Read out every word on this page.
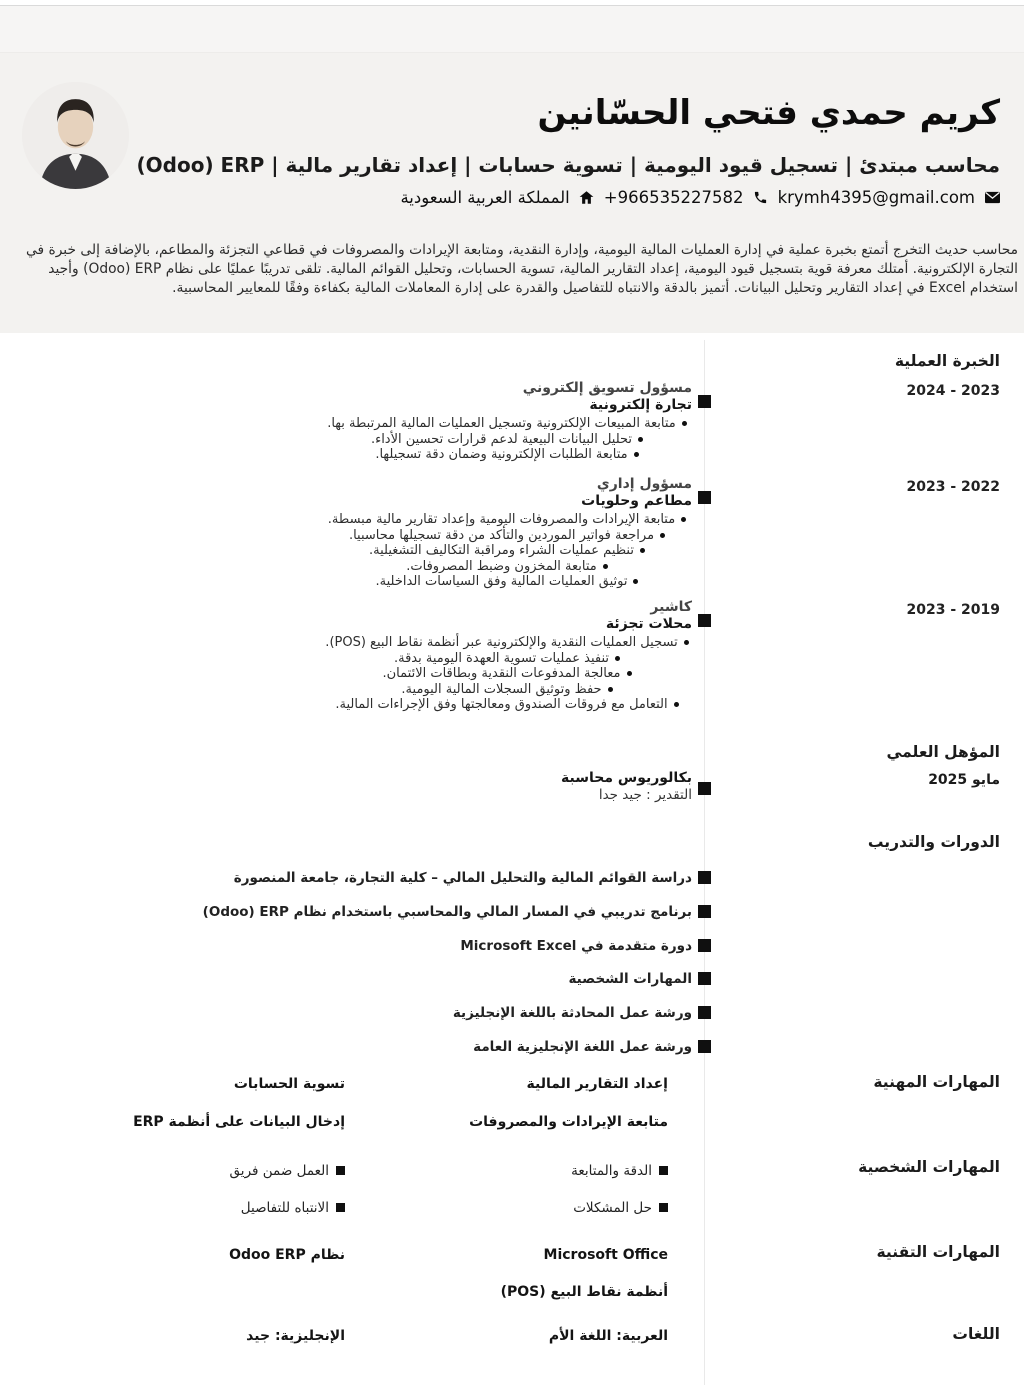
كريم حمدي فتحي الحسّانين
محاسب مبتدئ | تسجيل قيود اليومية | تسوية حسابات | إعداد تقارير مالية | ‎(Odoo) ERP
krymh4395@gmail.com
+966535227582
المملكة العربية السعودية
محاسب حديث التخرج أتمتع بخبرة عملية في إدارة العمليات المالية اليومية، وإدارة النقدية، ومتابعة الإيرادات والمصروفات في قطاعي التجزئة والمطاعم، بالإضافة إلى خبرة في التجارة الإلكترونية. أمتلك معرفة قوية بتسجيل قيود اليومية، إعداد التقارير المالية، تسوية الحسابات، وتحليل القوائم المالية. تلقى تدريبًا عمليًا على نظام ‎(Odoo) ERP وأجيد استخدام Excel في إعداد التقارير وتحليل البيانات. أتميز بالدقة والانتباه للتفاصيل والقدرة على إدارة المعاملات المالية بكفاءة وفقًا للمعايير المحاسبية.
الخبرة العملية
2024 - 2023
2023 - 2022
2023 - 2019
المؤهل العلمي
مايو 2025
الدورات والتدريب
المهارات المهنية
المهارات الشخصية
المهارات التقنية
اللغات
مسؤول تسويق إلكتروني
تجارة إلكترونية
متابعة المبيعات الإلكترونية وتسجيل العمليات المالية المرتبطة بها.
تحليل البيانات البيعية لدعم قرارات تحسين الأداء.
متابعة الطلبات الإلكترونية وضمان دقة تسجيلها.
مسؤول إداري
مطاعم وحلويات
متابعة الإيرادات والمصروفات اليومية وإعداد تقارير مالية مبسطة.
مراجعة فواتير الموردين والتأكد من دقة تسجيلها محاسبيا.
تنظيم عمليات الشراء ومراقبة التكاليف التشغيلية.
متابعة المخزون وضبط المصروفات.
توثيق العمليات المالية وفق السياسات الداخلية.
كاشير
محلات تجزئة
تسجيل العمليات النقدية والإلكترونية عبر أنظمة نقاط البيع ‎(POS).
تنفيذ عمليات تسوية العهدة اليومية بدقة.
معالجة المدفوعات النقدية وبطاقات الائتمان.
حفظ وتوثيق السجلات المالية اليومية.
التعامل مع فروقات الصندوق ومعالجتها وفق الإجراءات المالية.
بكالوريوس محاسبة
التقدير : جيد جدا
دراسة القوائم المالية والتحليل المالي – كلية التجارة، جامعة المنصورة
برنامج تدريبي في المسار المالي والمحاسبي باستخدام نظام ‎(Odoo) ERP
دورة متقدمة في Microsoft Excel
المهارات الشخصية
ورشة عمل المحادثة باللغة الإنجليزية
ورشة عمل اللغة الإنجليزية العامة
إعداد التقارير المالية
تسوية الحسابات
متابعة الإيرادات والمصروفات
إدخال البيانات على أنظمة ERP
الدقة والمتابعة
العمل ضمن فريق
حل المشكلات
الانتباه للتفاصيل
Microsoft Office
نظام Odoo ERP
أنظمة نقاط البيع ‎(POS)
العربية: اللغة الأم
الإنجليزية: جيد
